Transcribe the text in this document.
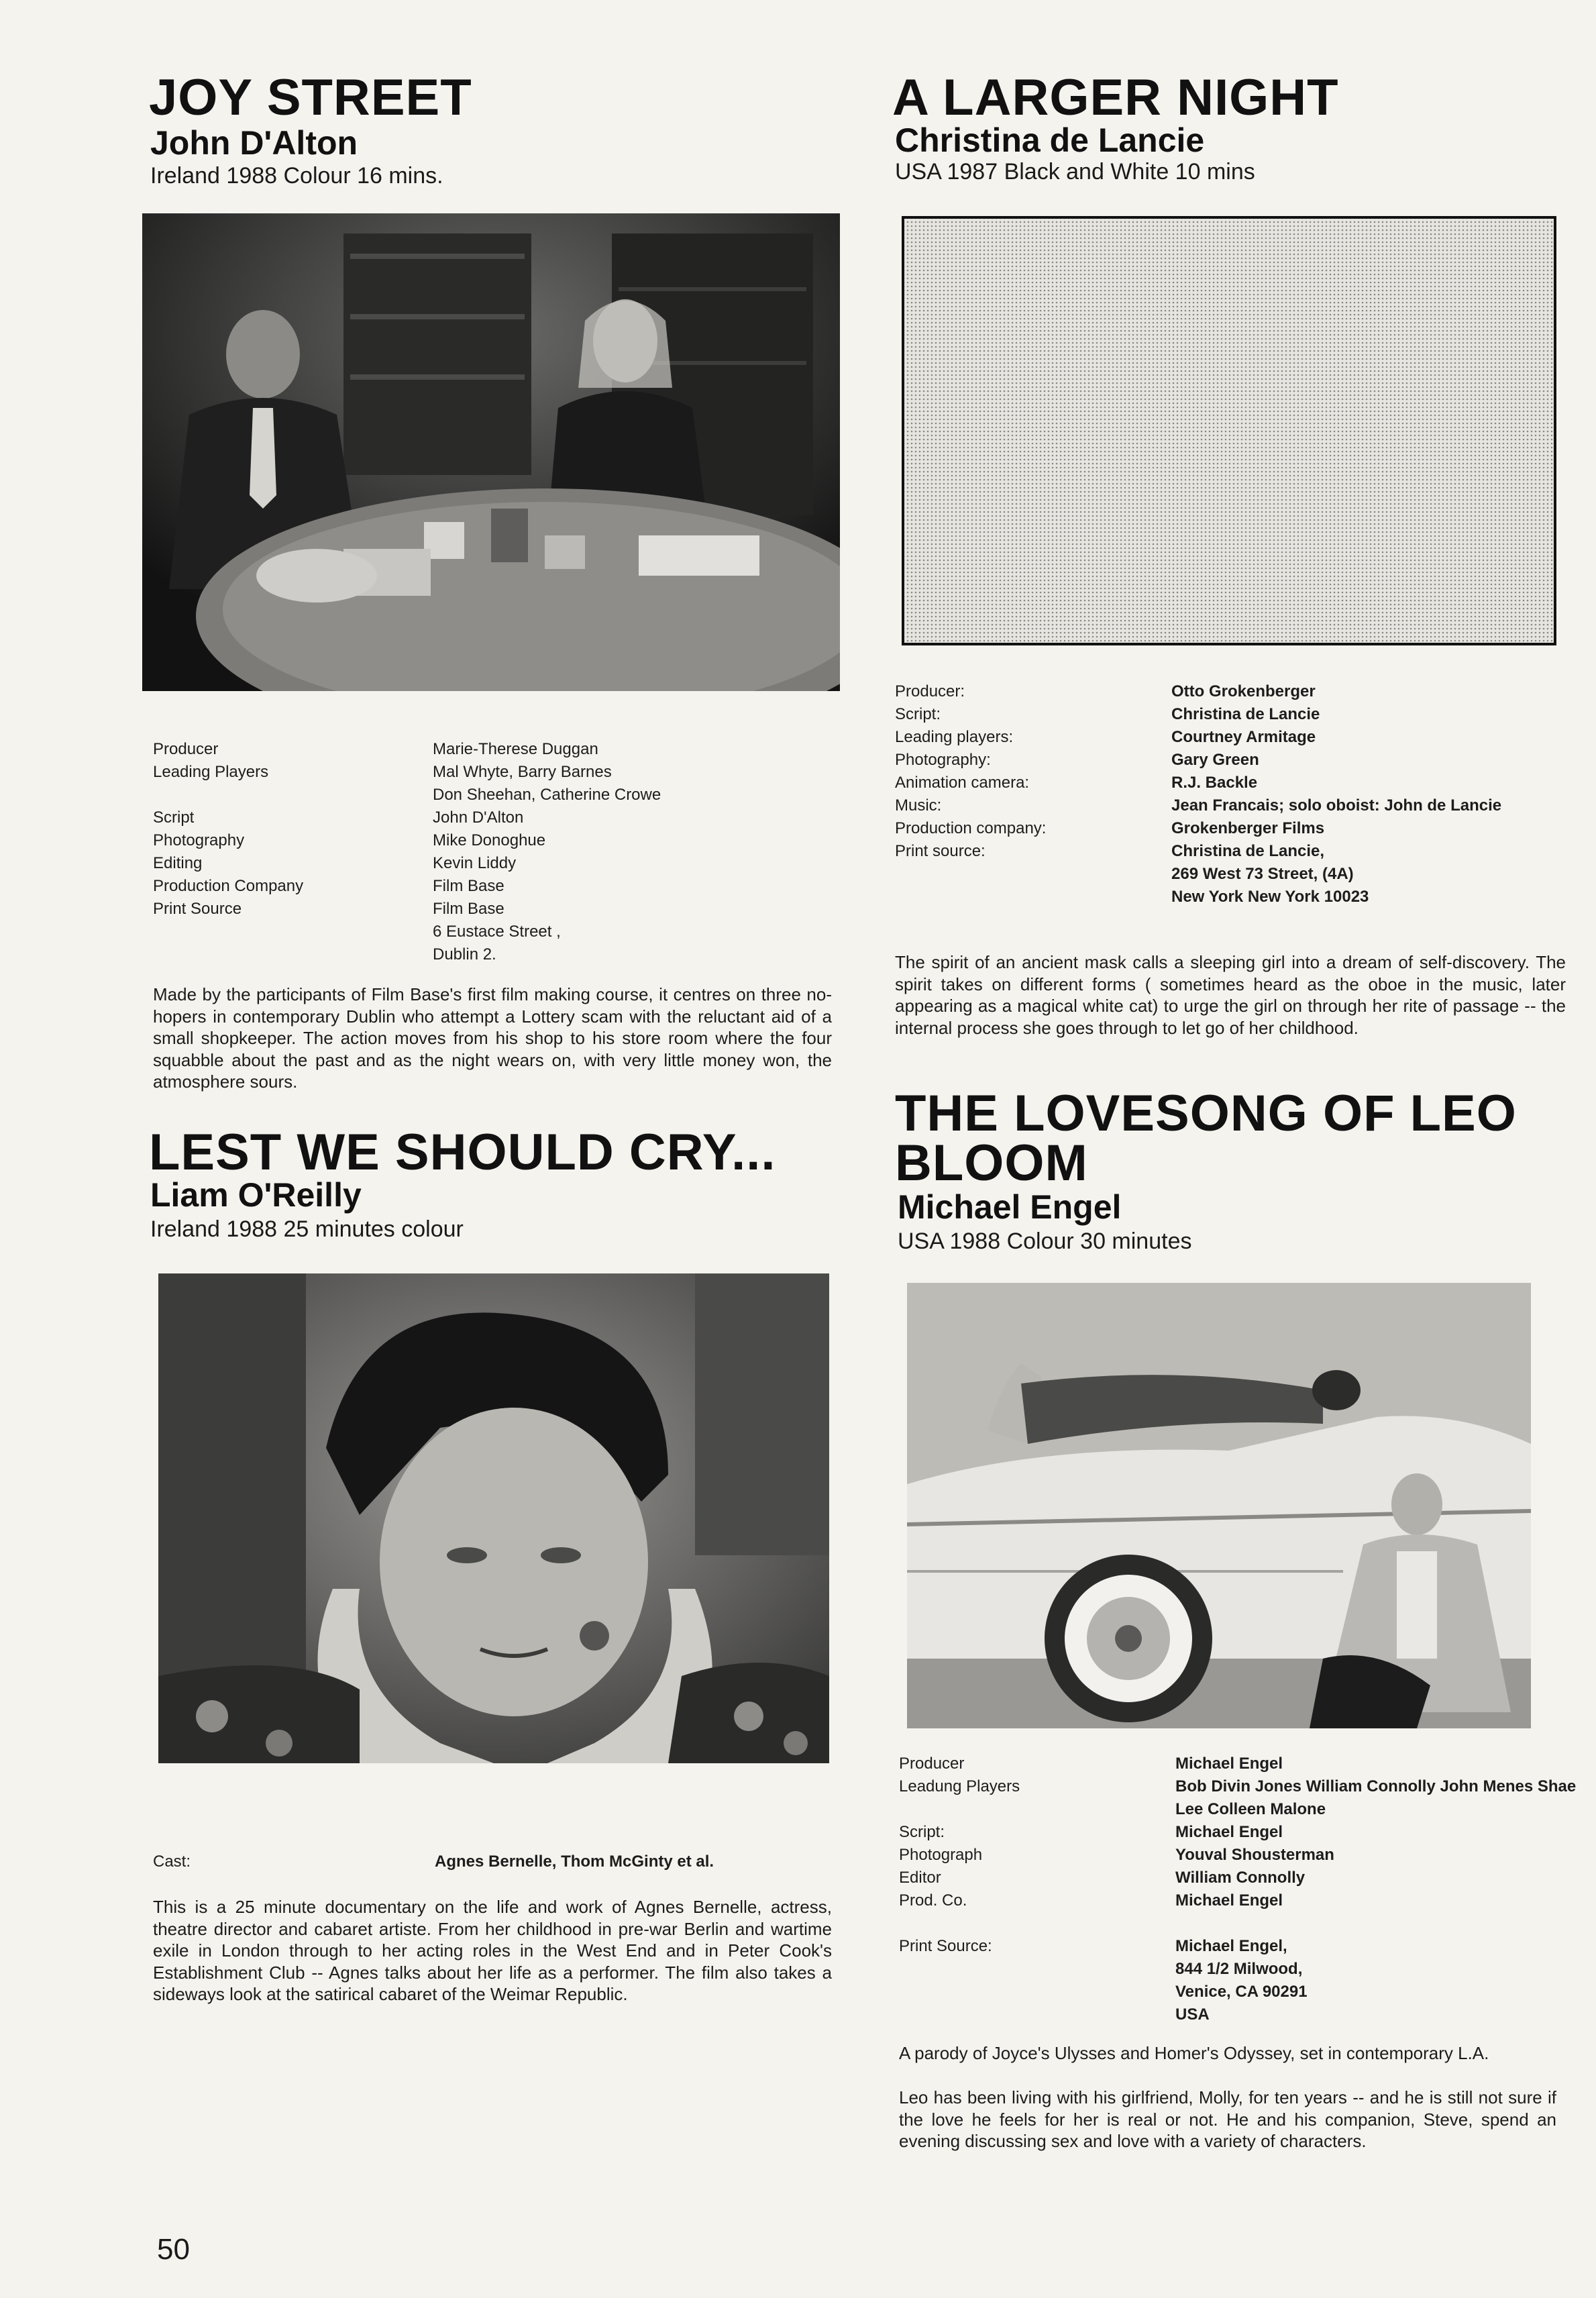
JOY STREET
John D'Alton
Ireland 1988 Colour 16 mins.
Producer	Marie-Therese Duggan
Leading Players	Mal Whyte, Barry Barnes
Don Sheehan, Catherine Crowe
Script	John D'Alton
Photography	Mike Donoghue
Editing	Kevin Liddy
Production Company	Film Base
Print Source	Film Base
6 Eustace Street ,
Dublin 2.
Made by the participants of Film Base's first film making course, it centres on three no-hopers in contemporary Dublin who attempt a Lottery scam with the reluctant aid of a small shopkeeper. The action moves from his shop to his store room where the four squabble about the past and as the night wears on, with very little money won, the atmosphere sours.
LEST WE SHOULD CRY...
Liam O'Reilly
Ireland 1988 25 minutes colour
Cast:	Agnes Bernelle, Thom McGinty et al.
This is a 25 minute documentary on the life and work of Agnes Bernelle, actress, theatre director and cabaret artiste. From her childhood in pre-war Berlin and wartime exile in London through to her acting roles in the West End and in Peter Cook's Establishment Club -- Agnes talks about her life as a performer. The film also takes a sideways look at the satirical cabaret of the Weimar Republic.
50
A LARGER NIGHT
Christina de Lancie
USA 1987 Black and White 10 mins
Producer:	Otto Grokenberger
Script:	Christina de Lancie
Leading players:	Courtney Armitage
Photography:	Gary Green
Animation camera:	R.J. Backle
Music:	Jean Francais; solo oboist: John de Lancie
Production company:	Grokenberger Films
Print source:	Christina de Lancie,
269 West 73 Street, (4A)
New York New York 10023
The spirit of an ancient mask calls a sleeping girl into a dream of self-discovery. The spirit takes on different forms ( sometimes heard as the oboe in the music, later appearing as a magical white cat) to urge the girl on through her rite of passage -- the internal process she goes through to let go of her childhood.
THE LOVESONG OF LEO
BLOOM
Michael Engel
USA 1988 Colour 30 minutes
Producer	Michael Engel
Leadung Players	Bob Divin Jones William Connolly John Menes Shae
Lee Colleen Malone
Script:	Michael Engel
Photograph	Youval Shousterman
Editor	William Connolly
Prod. Co.	Michael Engel
Print Source:	Michael Engel,
844 1/2 Milwood,
Venice, CA 90291
USA
A parody of Joyce's Ulysses and Homer's Odyssey, set in contemporary L.A.
Leo has been living with his girlfriend, Molly, for ten years -- and he is still not sure if the love he feels for her is real or not. He and his companion, Steve, spend an evening discussing sex and love with a variety of characters.
